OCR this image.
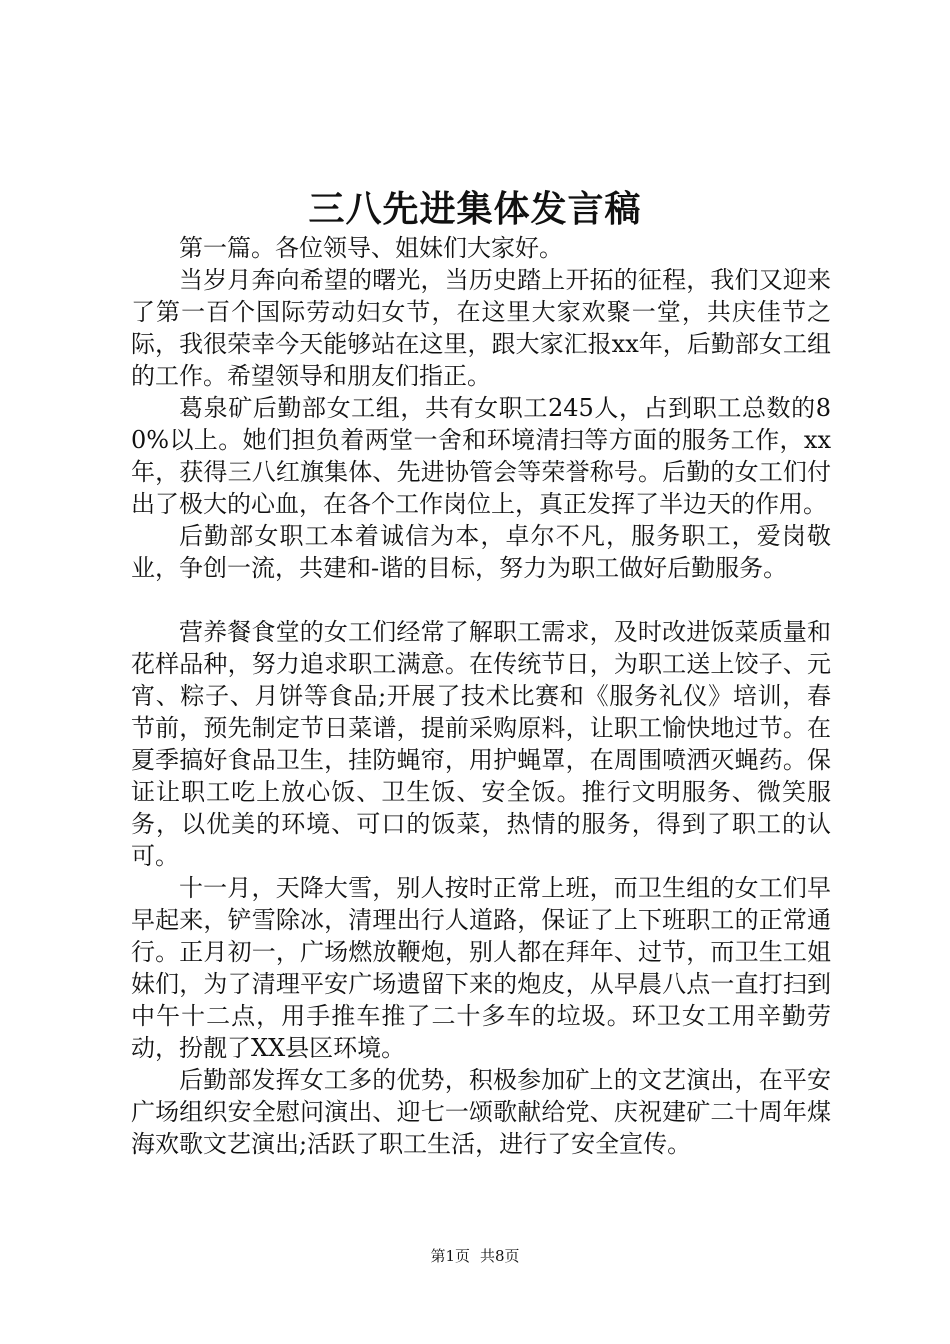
三八先进集体发言稿

第一篇。各位领导、姐妹们大家好。

当岁月奔向希望的曙光，当历史踏上开拓的征程，我们又迎来了第一百个国际劳动妇女节，在这里大家欢聚一堂，共庆佳节之际，我很荣幸今天能够站在这里，跟大家汇报xx年，后勤部女工组的工作。希望领导和朋友们指正。

葛泉矿后勤部女工组，共有女职工245人，占到职工总数的80%以上。她们担负着两堂一舍和环境清扫等方面的服务工作，xx年，获得三八红旗集体、先进协管会等荣誉称号。后勤的女工们付出了极大的心血，在各个工作岗位上，真正发挥了半边天的作用。

后勤部女职工本着诚信为本，卓尔不凡，服务职工，爱岗敬业，争创一流，共建和-谐的目标，努力为职工做好后勤服务。

营养餐食堂的女工们经常了解职工需求，及时改进饭菜质量和花样品种，努力追求职工满意。在传统节日，为职工送上饺子、元宵、粽子、月饼等食品;开展了技术比赛和《服务礼仪》培训，春节前，预先制定节日菜谱，提前采购原料，让职工愉快地过节。在夏季搞好食品卫生，挂防蝇帘，用护蝇罩，在周围喷洒灭蝇药。保证让职工吃上放心饭、卫生饭、安全饭。推行文明服务、微笑服务，以优美的环境、可口的饭菜，热情的服务，得到了职工的认可。

十一月，天降大雪，别人按时正常上班，而卫生组的女工们早早起来，铲雪除冰，清理出行人道路，保证了上下班职工的正常通行。正月初一，广场燃放鞭炮，别人都在拜年、过节，而卫生工姐妹们，为了清理平安广场遗留下来的炮皮，从早晨八点一直打扫到中午十二点，用手推车推了二十多车的垃圾。环卫女工用辛勤劳动，扮靓了XX县区环境。

后勤部发挥女工多的优势，积极参加矿上的文艺演出，在平安广场组织安全慰问演出、迎七一颂歌献给党、庆祝建矿二十周年煤海欢歌文艺演出;活跃了职工生活，进行了安全宣传。

第1页 共8页
